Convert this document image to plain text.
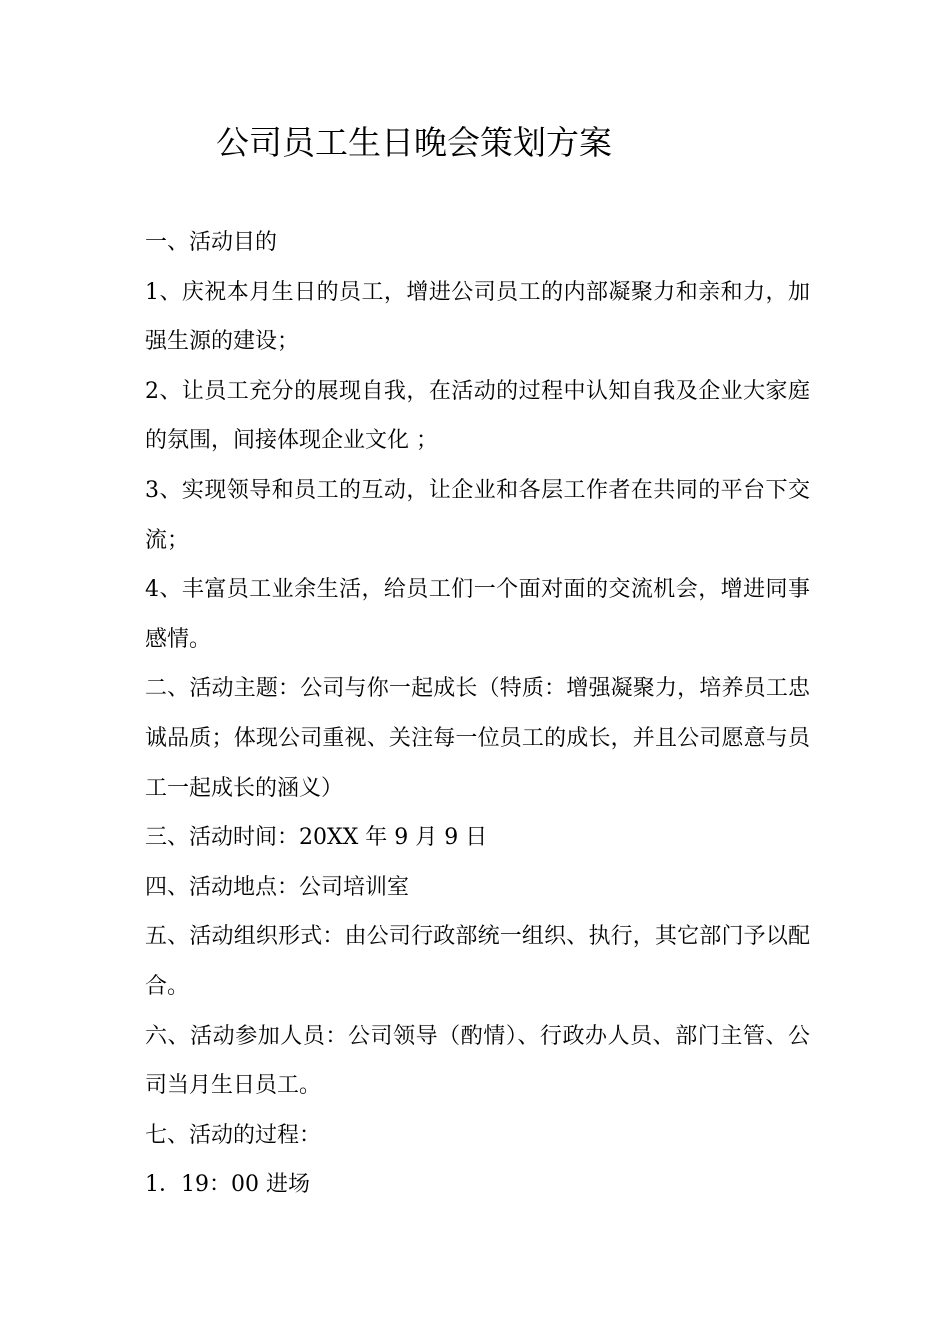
公司员工生日晚会策划方案

一、活动目的

1、庆祝本月生日的员工，增进公司员工的内部凝聚力和亲和力，加强生源的建设；

2、让员工充分的展现自我，在活动的过程中认知自我及企业大家庭的氛围，间接体现企业文化 ；

3、实现领导和员工的互动，让企业和各层工作者在共同的平台下交流；

4、丰富员工业余生活，给员工们一个面对面的交流机会，增进同事感情。

二、活动主题：公司与你一起成长（特质：增强凝聚力，培养员工忠诚品质；体现公司重视、关注每一位员工的成长，并且公司愿意与员工一起成长的涵义）

三、活动时间：20XX 年 9 月 9 日

四、活动地点：公司培训室

五、活动组织形式：由公司行政部统一组织、执行，其它部门予以配合。

六、活动参加人员：公司领导（酌情）、行政办人员、部门主管、公司当月生日员工。

七、活动的过程：

1．19：00 进场
